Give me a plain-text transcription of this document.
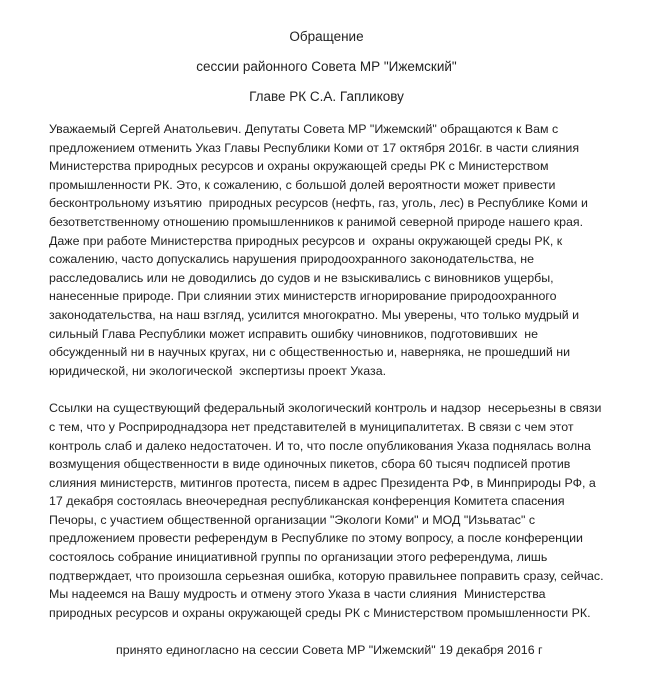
Обращение
сессии районного Совета МР "Ижемский"
Главе РК С.А. Гапликову

Уважаемый Сергей Анатольевич. Депутаты Совета МР "Ижемский" обращаются к Вам с предложением отменить Указ Главы Республики Коми от 17 октября 2016г. в части слияния Министерства природных ресурсов и охраны окружающей среды РК с Министерством промышленности РК. Это, к сожалению, с большой долей вероятности может привести бесконтрольному изъятию  природных ресурсов (нефть, газ, уголь, лес) в Республике Коми и безответственному отношению промышленников к ранимой северной природе нашего края. Даже при работе Министерства природных ресурсов и  охраны окружающей среды РК, к сожалению, часто допускались нарушения природоохранного законодательства, не расследовались или не доводились до судов и не взыскивались с виновников ущербы, нанесенные природе. При слиянии этих министерств игнорирование природоохранного законодательства, на наш взгляд, усилится многократно. Мы уверены, что только мудрый и сильный Глава Республики может исправить ошибку чиновников, подготовивших  не обсужденный ни в научных кругах, ни с общественностью и, наверняка, не прошедший ни юридической, ни экологической  экспертизы проект Указа.

Ссылки на существующий федеральный экологический контроль и надзор  несерьезны в связи с тем, что у Росприроднадзора нет представителей в муниципалитетах. В связи с чем этот контроль слаб и далеко недостаточен. И то, что после опубликования Указа поднялась волна возмущения общественности в виде одиночных пикетов, сбора 60 тысяч подписей против слияния министерств, митингов протеста, писем в адрес Президента РФ, в Минприроды РФ, а 17 декабря состоялась внеочередная республиканская конференция Комитета спасения Печоры, с участием общественной организации "Экологи Коми" и МОД "Изьватас" с предложением провести референдум в Республике по этому вопросу, а после конференции состоялось собрание инициативной группы по организации этого референдума, лишь подтверждает, что произошла серьезная ошибка, которую правильнее поправить сразу, сейчас. Мы надеемся на Вашу мудрость и отмену этого Указа в части слияния  Министерства природных ресурсов и охраны окружающей среды РК с Министерством промышленности РК.

принято единогласно на сессии Совета МР "Ижемский" 19 декабря 2016 г
